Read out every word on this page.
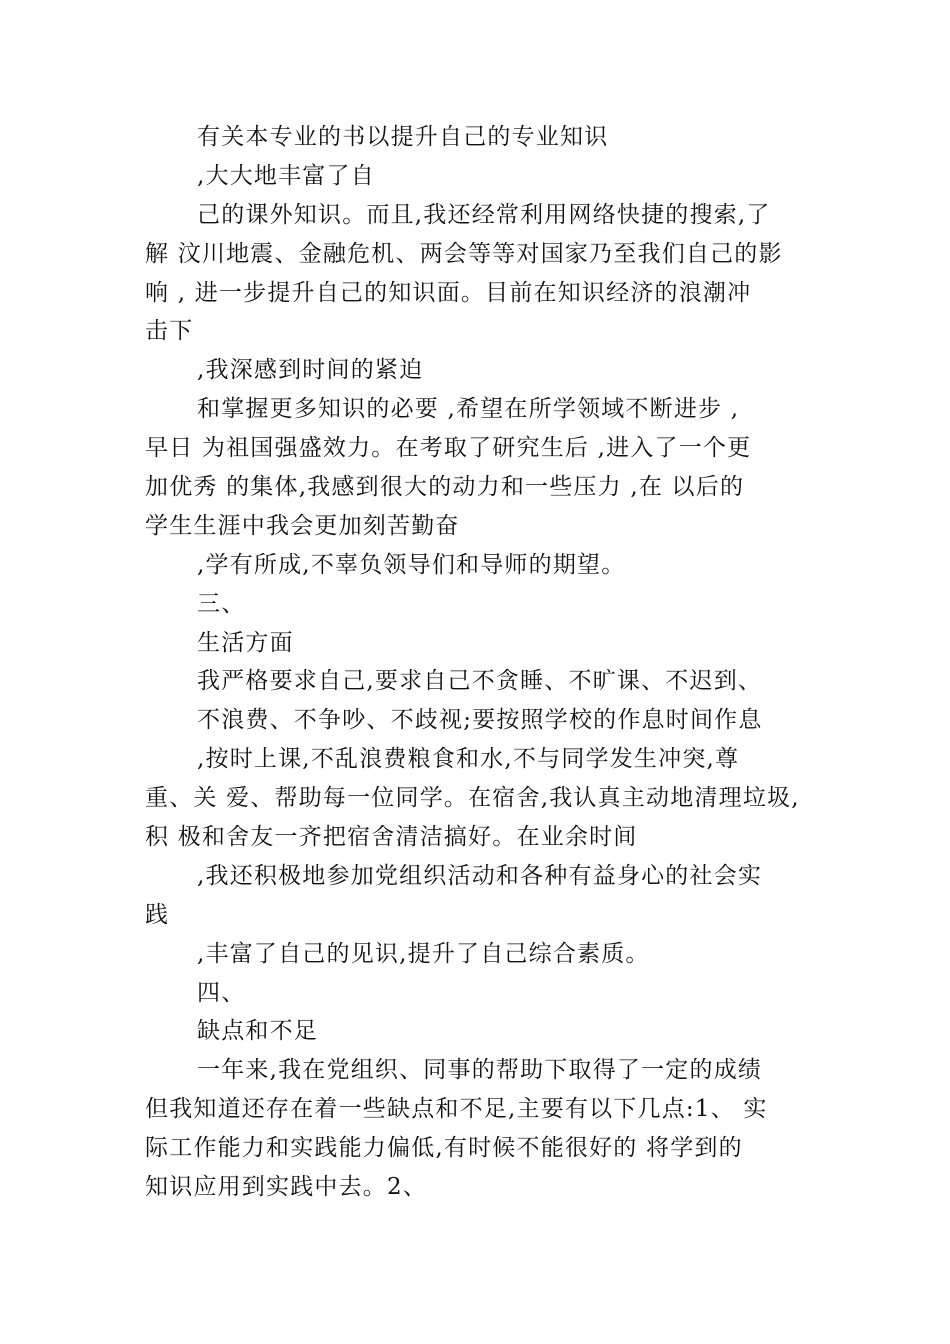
有关本专业的书以提升自己的专业知识
,大大地丰富了自
己的课外知识。而且,我还经常利用网络快捷的搜索,了
解 汶川地震、金融危机、两会等等对国家乃至我们自己的影
响 , 进一步提升自己的知识面。目前在知识经济的浪潮冲
击下
,我深感到时间的紧迫
和掌握更多知识的必要 ,希望在所学领域不断进步 ,
早日 为祖国强盛效力。在考取了研究生后 ,进入了一个更
加优秀 的集体,我感到很大的动力和一些压力 ,在 以后的
学生生涯中我会更加刻苦勤奋
,学有所成,不辜负领导们和导师的期望。
三、
生活方面
我严格要求自己,要求自己不贪睡、不旷课、不迟到、
不浪费、不争吵、不歧视;要按照学校的作息时间作息
,按时上课,不乱浪费粮食和水,不与同学发生冲突,尊
重、关 爱、帮助每一位同学。在宿舍,我认真主动地清理垃圾,
积 极和舍友一齐把宿舍清洁搞好。在业余时间
,我还积极地参加党组织活动和各种有益身心的社会实
践
,丰富了自己的见识,提升了自己综合素质。
四、
缺点和不足
一年来,我在党组织、同事的帮助下取得了一定的成绩
但我知道还存在着一些缺点和不足,主要有以下几点:1、 实
际工作能力和实践能力偏低,有时候不能很好的 将学到的
知识应用到实践中去。2、
